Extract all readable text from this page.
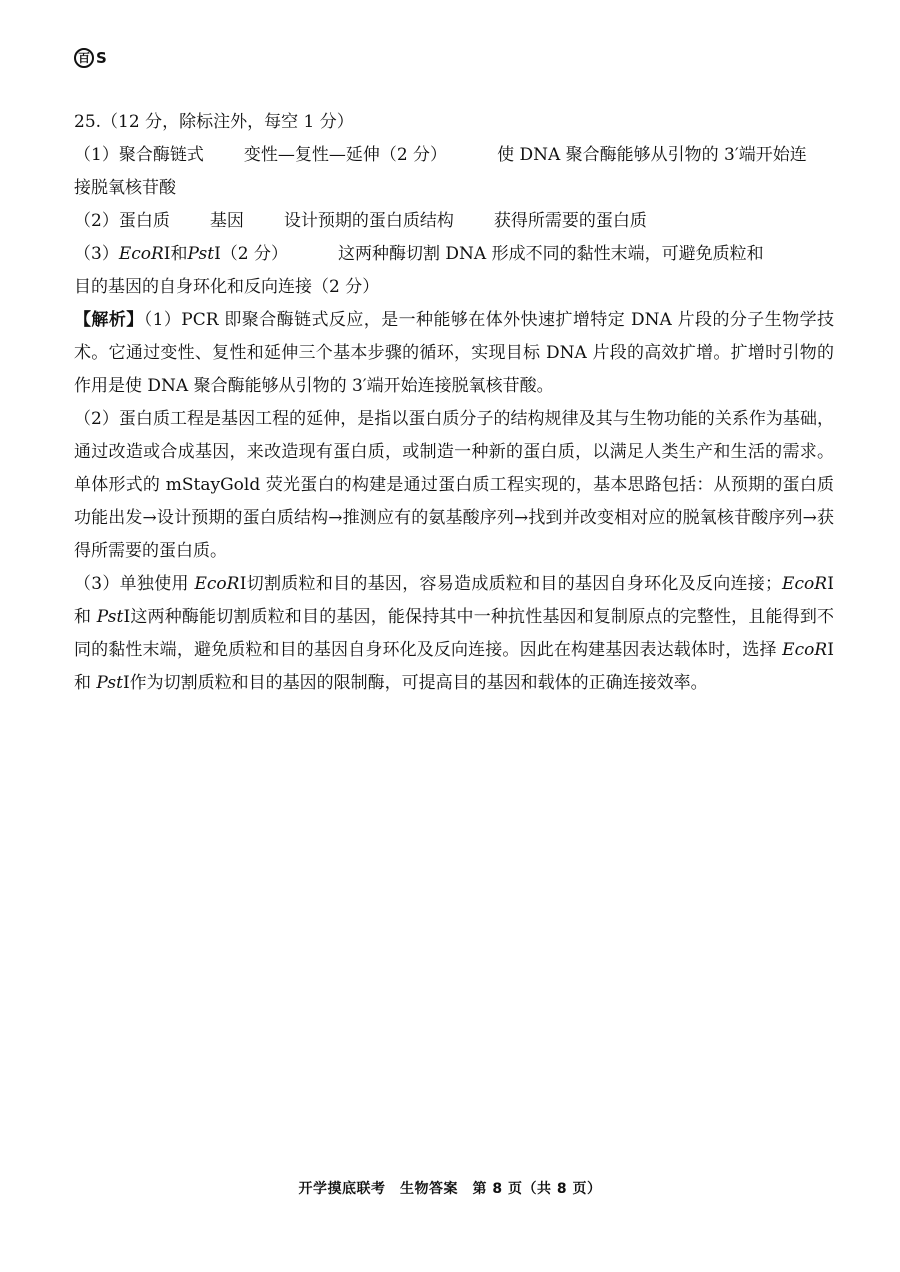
百 S
25.（12 分，除标注外，每空 1 分）
（1）聚合酶链式 变性—复性—延伸（2 分）	使 DNA 聚合酶能够从引物的 3′端开始连
接脱氧核苷酸
（2）蛋白质 基因 设计预期的蛋白质结构 获得所需要的蛋白质
（3）EcoRⅠ和PstⅠ（2 分）	这两种酶切割 DNA 形成不同的黏性末端，可避免质粒和
目的基因的自身环化和反向连接（2 分）
【解析】（1）PCR 即聚合酶链式反应，是一种能够在体外快速扩增特定 DNA 片段的分子生物学技术。它通过变性、复性和延伸三个基本步骤的循环，实现目标 DNA 片段的高效扩增。扩增时引物的作用是使 DNA 聚合酶能够从引物的 3′端开始连接脱氧核苷酸。
（2）蛋白质工程是基因工程的延伸，是指以蛋白质分子的结构规律及其与生物功能的关系作为基础，通过改造或合成基因，来改造现有蛋白质，或制造一种新的蛋白质，以满足人类生产和生活的需求。单体形式的 mStayGold 荧光蛋白的构建是通过蛋白质工程实现的，基本思路包括：从预期的蛋白质功能出发→设计预期的蛋白质结构→推测应有的氨基酸序列→找到并改变相对应的脱氧核苷酸序列→获得所需要的蛋白质。
（3）单独使用 EcoRⅠ切割质粒和目的基因，容易造成质粒和目的基因自身环化及反向连接；EcoRⅠ和 PstⅠ这两种酶能切割质粒和目的基因，能保持其中一种抗性基因和复制原点的完整性，且能得到不同的黏性末端，避免质粒和目的基因自身环化及反向连接。因此在构建基因表达载体时，选择 EcoRⅠ和 PstⅠ作为切割质粒和目的基因的限制酶，可提高目的基因和载体的正确连接效率。
开学摸底联考　生物答案　第 8 页（共 8 页）
